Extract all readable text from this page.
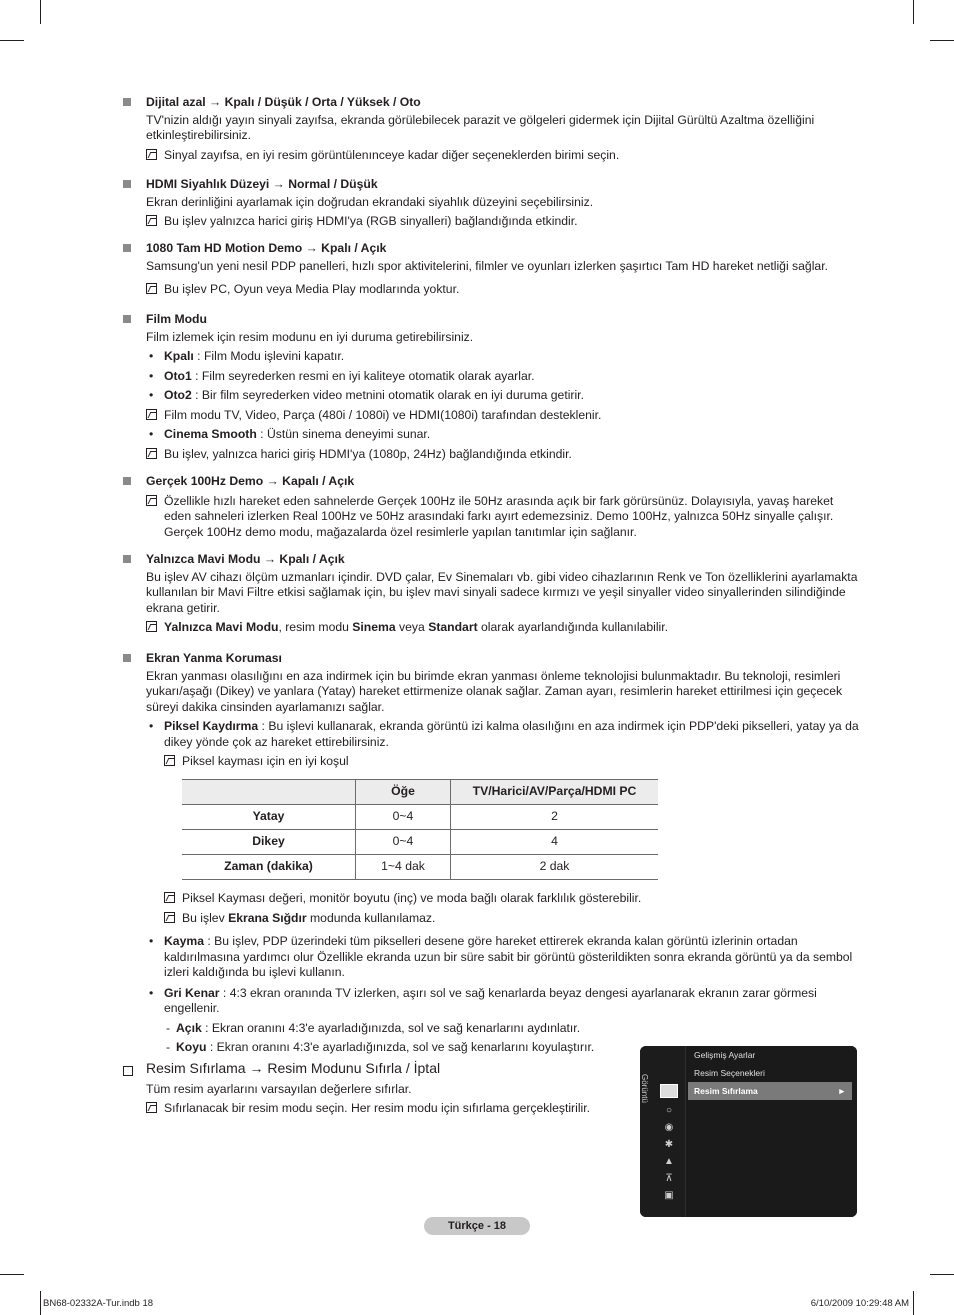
Dijital azal → Kpalı / Düşük / Orta / Yüksek / Oto
TV'nizin aldığı yayın sinyali zayıfsa, ekranda görülebilecek parazit ve gölgeleri gidermek için Dijital Gürültü Azaltma özelliğini etkinleştirebilirsiniz.
Sinyal zayıfsa, en iyi resim görüntülenınceye kadar diğer seçeneklerden birimi seçin.
HDMI Siyahlık Düzeyi → Normal / Düşük
Ekran derinliğini ayarlamak için doğrudan ekrandaki siyahlık düzeyini seçebilirsiniz.
Bu işlev yalnızca harici giriş HDMI'ya (RGB sinyalleri) bağlandığında etkindir.
1080 Tam HD Motion Demo → Kpalı / Açık
Samsung'un yeni nesil PDP panelleri, hızlı spor aktivitelerini, filmler ve oyunları izlerken şaşırtıcı Tam HD hareket netliği sağlar.
Bu işlev PC, Oyun veya Media Play modlarında yoktur.
Film Modu
Film izlemek için resim modunu en iyi duruma getirebilirsiniz.
• Kpalı : Film Modu işlevini kapatır.
• Oto1 : Film seyrederken resmi en iyi kaliteye otomatik olarak ayarlar.
• Oto2 : Bir film seyrederken video metnini otomatik olarak en iyi duruma getirir.
Film modu TV, Video, Parça (480i / 1080i) ve HDMI(1080i) tarafından desteklenir.
• Cinema Smooth : Üstün sinema deneyimi sunar.
Bu işlev, yalnızca harici giriş HDMI'ya (1080p, 24Hz) bağlandığında etkindir.
Gerçek 100Hz Demo → Kapalı / Açık
Özellikle hızlı hareket eden sahnelerde Gerçek 100Hz ile 50Hz arasında açık bir fark görürsünüz. Dolayısıyla, yavaş hareket eden sahneleri izlerken Real 100Hz ve 50Hz arasındaki farkı ayırt edemezsiniz. Demo 100Hz, yalnızca 50Hz sinyalle çalışır. Gerçek 100Hz demo modu, mağazalarda özel resimlerle yapılan tanıtımlar için sağlanır.
Yalnızca Mavi Modu → Kpalı / Açık
Bu işlev AV cihazı ölçüm uzmanları içindir. DVD çalar, Ev Sinemaları vb. gibi video cihazlarının Renk ve Ton özelliklerini ayarlamakta kullanılan bir Mavi Filtre etkisi sağlamak için, bu işlev mavi sinyali sadece kırmızı ve yeşil sinyaller video sinyallerinden silindiğinde ekrana getirir.
Yalnızca Mavi Modu, resim modu Sinema veya Standart olarak ayarlandığında kullanılabilir.
Ekran Yanma Koruması
Ekran yanması olasılığını en aza indirmek için bu birimde ekran yanması önleme teknolojisi bulunmaktadır. Bu teknoloji, resimleri yukarı/aşağı (Dikey) ve yanlara (Yatay) hareket ettirmenize olanak sağlar. Zaman ayarı, resimlerin hareket ettirilmesi için geçecek süreyi dakika cinsinden ayarlamanızı sağlar.
• Piksel Kaydırma : Bu işlevi kullanarak, ekranda görüntü izi kalma olasılığını en aza indirmek için PDP'deki pikselleri, yatay ya da dikey yönde çok az hareket ettirebilirsiniz.
Piksel kayması için en iyi koşul
	Öğe	TV/Harici/AV/Parça/HDMI PC
Yatay	0~4	2
Dikey	0~4	4
Zaman (dakika)	1~4 dak	2 dak
Piksel Kayması değeri, monitör boyutu (inç) ve moda bağlı olarak farklılık gösterebilir.
Bu işlev Ekrana Sığdır modunda kullanılamaz.
• Kayma : Bu işlev, PDP üzerindeki tüm pikselleri desene göre hareket ettirerek ekranda kalan görüntü izlerinin ortadan kaldırılmasına yardımcı olur Özellikle ekranda uzun bir süre sabit bir görüntü gösterildikten sonra ekranda görüntü ya da sembol izleri kaldığında bu işlevi kullanın.
• Gri Kenar : 4:3 ekran oranında TV izlerken, aşırı sol ve sağ kenarlarda beyaz dengesi ayarlanarak ekranın zarar görmesi engellenir.
- Açık : Ekran oranını 4:3'e ayarladığınızda, sol ve sağ kenarlarını aydınlatır.
- Koyu : Ekran oranını 4:3'e ayarladığınızda, sol ve sağ kenarlarını koyulaştırır.
Resim Sıfırlama → Resim Modunu Sıfırla / İptal
Tüm resim ayarlarını varsayılan değerlere sıfırlar.
Sıfırlanacak bir resim modu seçin. Her resim modu için sıfırlama gerçekleştirilir.
Görüntü
○
◉
✱
▲
⊼
▣
Gelişmiş Ayarlar
Resim Seçenekleri
Resim Sıfırlama	►
Türkçe - 18
BN68-02332A-Tur.indb 18	6/10/2009 10:29:48 AM
